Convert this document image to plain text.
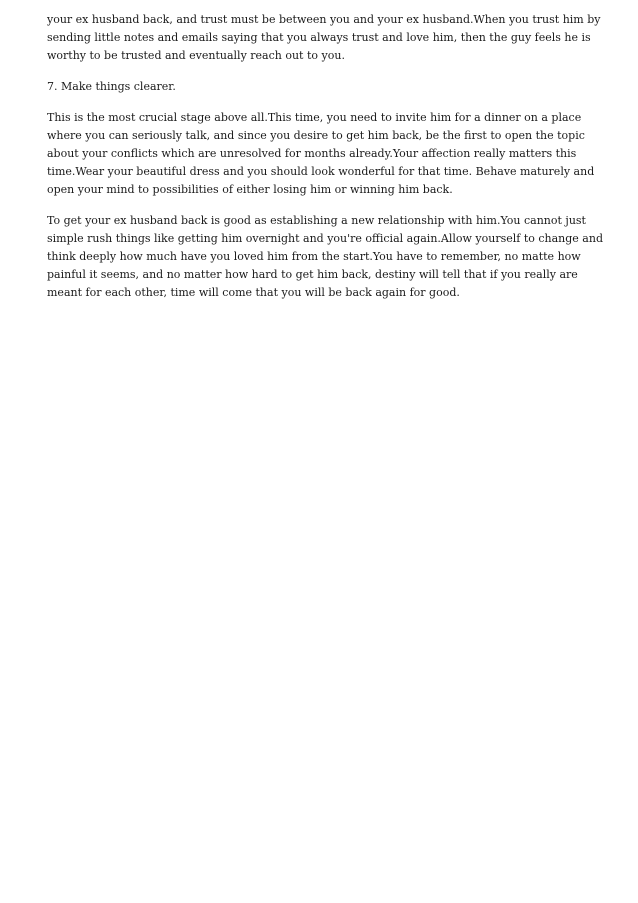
your ex husband back, and trust must be between you and your ex husband.When you trust him by
sending little notes and emails saying that you always trust and love him, then the guy feels he is
worthy to be trusted and eventually reach out to you.

7. Make things clearer.

This is the most crucial stage above all.This time, you need to invite him for a dinner on a place
where you can seriously talk, and since you desire to get him back, be the first to open the topic
about your conflicts which are unresolved for months already.Your affection really matters this
time.Wear your beautiful dress and you should look wonderful for that time. Behave maturely and
open your mind to possibilities of either losing him or winning him back.

To get your ex husband back is good as establishing a new relationship with him.You cannot just
simple rush things like getting him overnight and you're official again.Allow yourself to change and
think deeply how much have you loved him from the start.You have to remember, no matte how
painful it seems, and no matter how hard to get him back, destiny will tell that if you really are
meant for each other, time will come that you will be back again for good.
